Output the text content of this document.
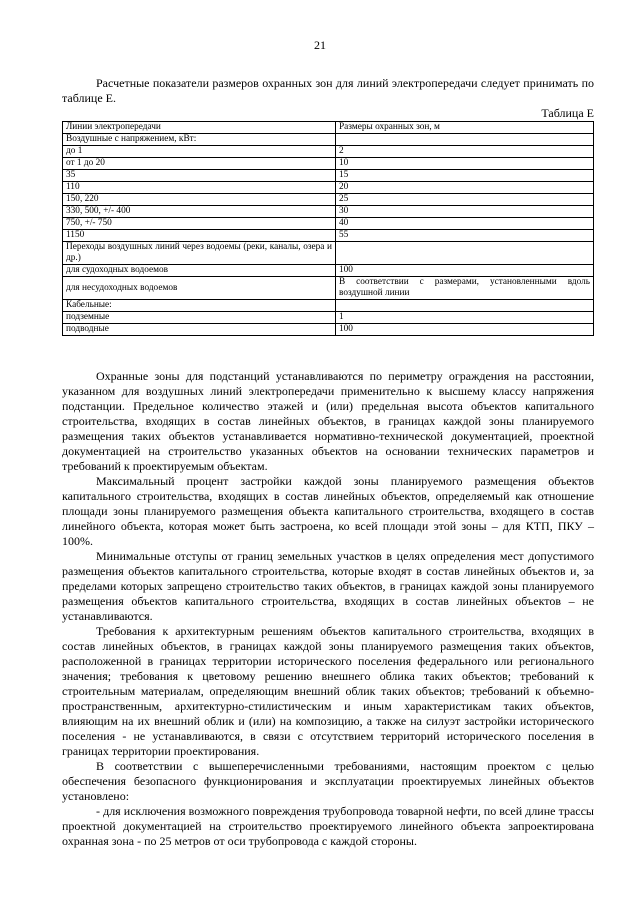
21

Расчетные показатели размеров охранных зон для линий электропередачи следует принимать по таблице Е.

Таблица Е
Линии электропередачи	Размеры охранных зон, м
Воздушные с напряжением, кВт:	
до 1	2
от 1 до 20	10
35	15
110	20
150, 220	25
330, 500, +/- 400	30
750, +/- 750	40
1150	55
Переходы воздушных линий через водоемы (реки, каналы, озера и др.)	
для судоходных водоемов	100
для несудоходных водоемов	В соответствии с размерами, установленными вдоль воздушной линии
Кабельные:	
подземные	1
подводные	100

Охранные зоны для подстанций устанавливаются по периметру ограждения на расстоянии, указанном для воздушных линий электропередачи применительно к высшему классу напряжения подстанции. Предельное количество этажей и (или) предельная высота объектов капитального строительства, входящих в состав линейных объектов, в границах каждой зоны планируемого размещения таких объектов устанавливается нормативно-технической документацией, проектной документацией на строительство указанных объектов на основании технических параметров и требований к проектируемым объектам.

Максимальный процент застройки каждой зоны планируемого размещения объектов капитального строительства, входящих в состав линейных объектов, определяемый как отношение площади зоны планируемого размещения объекта капитального строительства, входящего в состав линейного объекта, которая может быть застроена, ко всей площади этой зоны – для КТП, ПКУ – 100%.

Минимальные отступы от границ земельных участков в целях определения мест допустимого размещения объектов капитального строительства, которые входят в состав линейных объектов и, за пределами которых запрещено строительство таких объектов, в границах каждой зоны планируемого размещения объектов капитального строительства, входящих в состав линейных объектов – не устанавливаются.

Требования к архитектурным решениям объектов капитального строительства, входящих в состав линейных объектов, в границах каждой зоны планируемого размещения таких объектов, расположенной в границах территории исторического поселения федерального или регионального значения; требования к цветовому решению внешнего облика таких объектов; требований к строительным материалам, определяющим внешний облик таких объектов; требований к объемно-пространственным, архитектурно-стилистическим и иным характеристикам таких объектов, влияющим на их внешний облик и (или) на композицию, а также на силуэт застройки исторического поселения - не устанавливаются, в связи с отсутствием территорий исторического поселения в границах территории проектирования.

В соответствии с вышеперечисленными требованиями, настоящим проектом с целью обеспечения безопасного функционирования и эксплуатации проектируемых линейных объектов установлено:

- для исключения возможного повреждения трубопровода товарной нефти, по всей длине трассы проектной документацией на строительство проектируемого линейного объекта запроектирована охранная зона - по 25 метров от оси трубопровода с каждой стороны.
